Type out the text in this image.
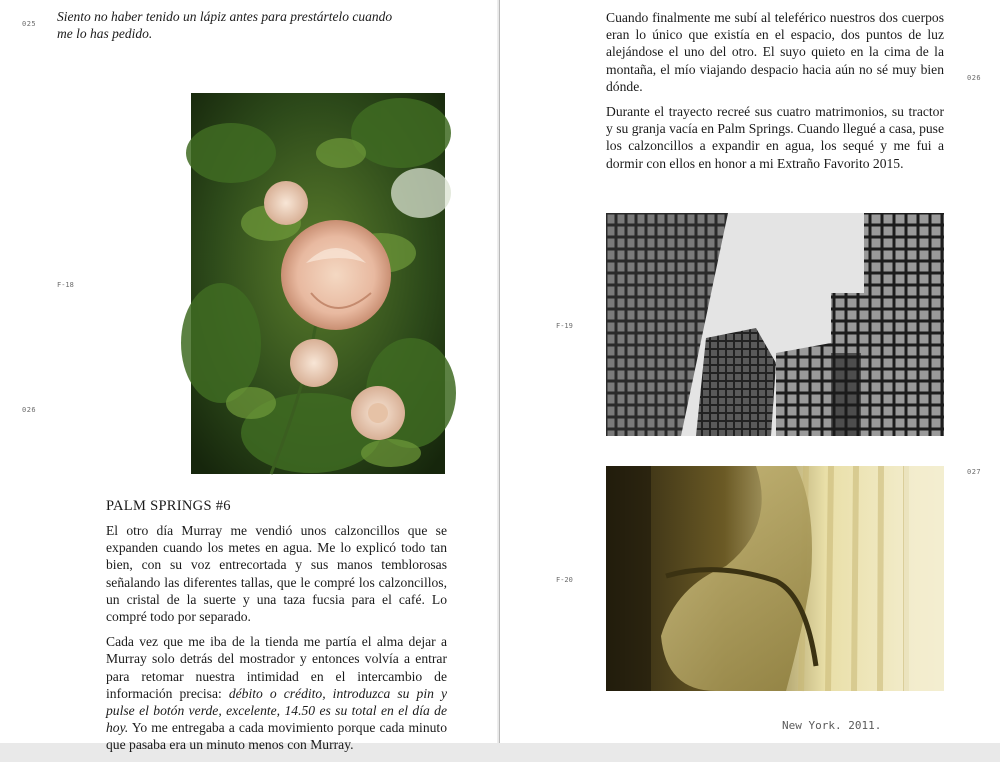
025
026
F-18
Siento no haber tenido un lápiz antes para prestártelo cuando me lo has pedido.
PALM SPRINGS #6

El otro día Murray me vendió unos calzoncillos que se expanden cuando los metes en agua. Me lo explicó todo tan bien, con su voz entrecortada y sus manos temblorosas señalando las diferentes tallas, que le compré los calzoncillos, un cristal de la suerte y una taza fucsia para el café. Lo compré todo por separado.

Cada vez que me iba de la tienda me partía el alma dejar a Murray solo detrás del mostrador y entonces volvía a entrar para retomar nuestra intimidad en el intercambio de información precisa: débito o crédito, introduzca su pin y pulse el botón verde, excelente, 14.50 es su total en el día de hoy. Yo me entregaba a cada movimiento porque cada minuto que pasaba era un minuto menos con Murray.

026
027
F-19
F-20

Cuando finalmente me subí al teleférico nuestros dos cuerpos eran lo único que existía en el espacio, dos puntos de luz alejándose el uno del otro. El suyo quieto en la cima de la montaña, el mío viajando despacio hacia aún no sé muy bien dónde.

Durante el trayecto recreé sus cuatro matrimonios, su tractor y su granja vacía en Palm Springs. Cuando llegué a casa, puse los calzoncillos a expandir en agua, los sequé y me fui a dormir con ellos en honor a mi Extraño Favorito 2015.

New York. 2011.
